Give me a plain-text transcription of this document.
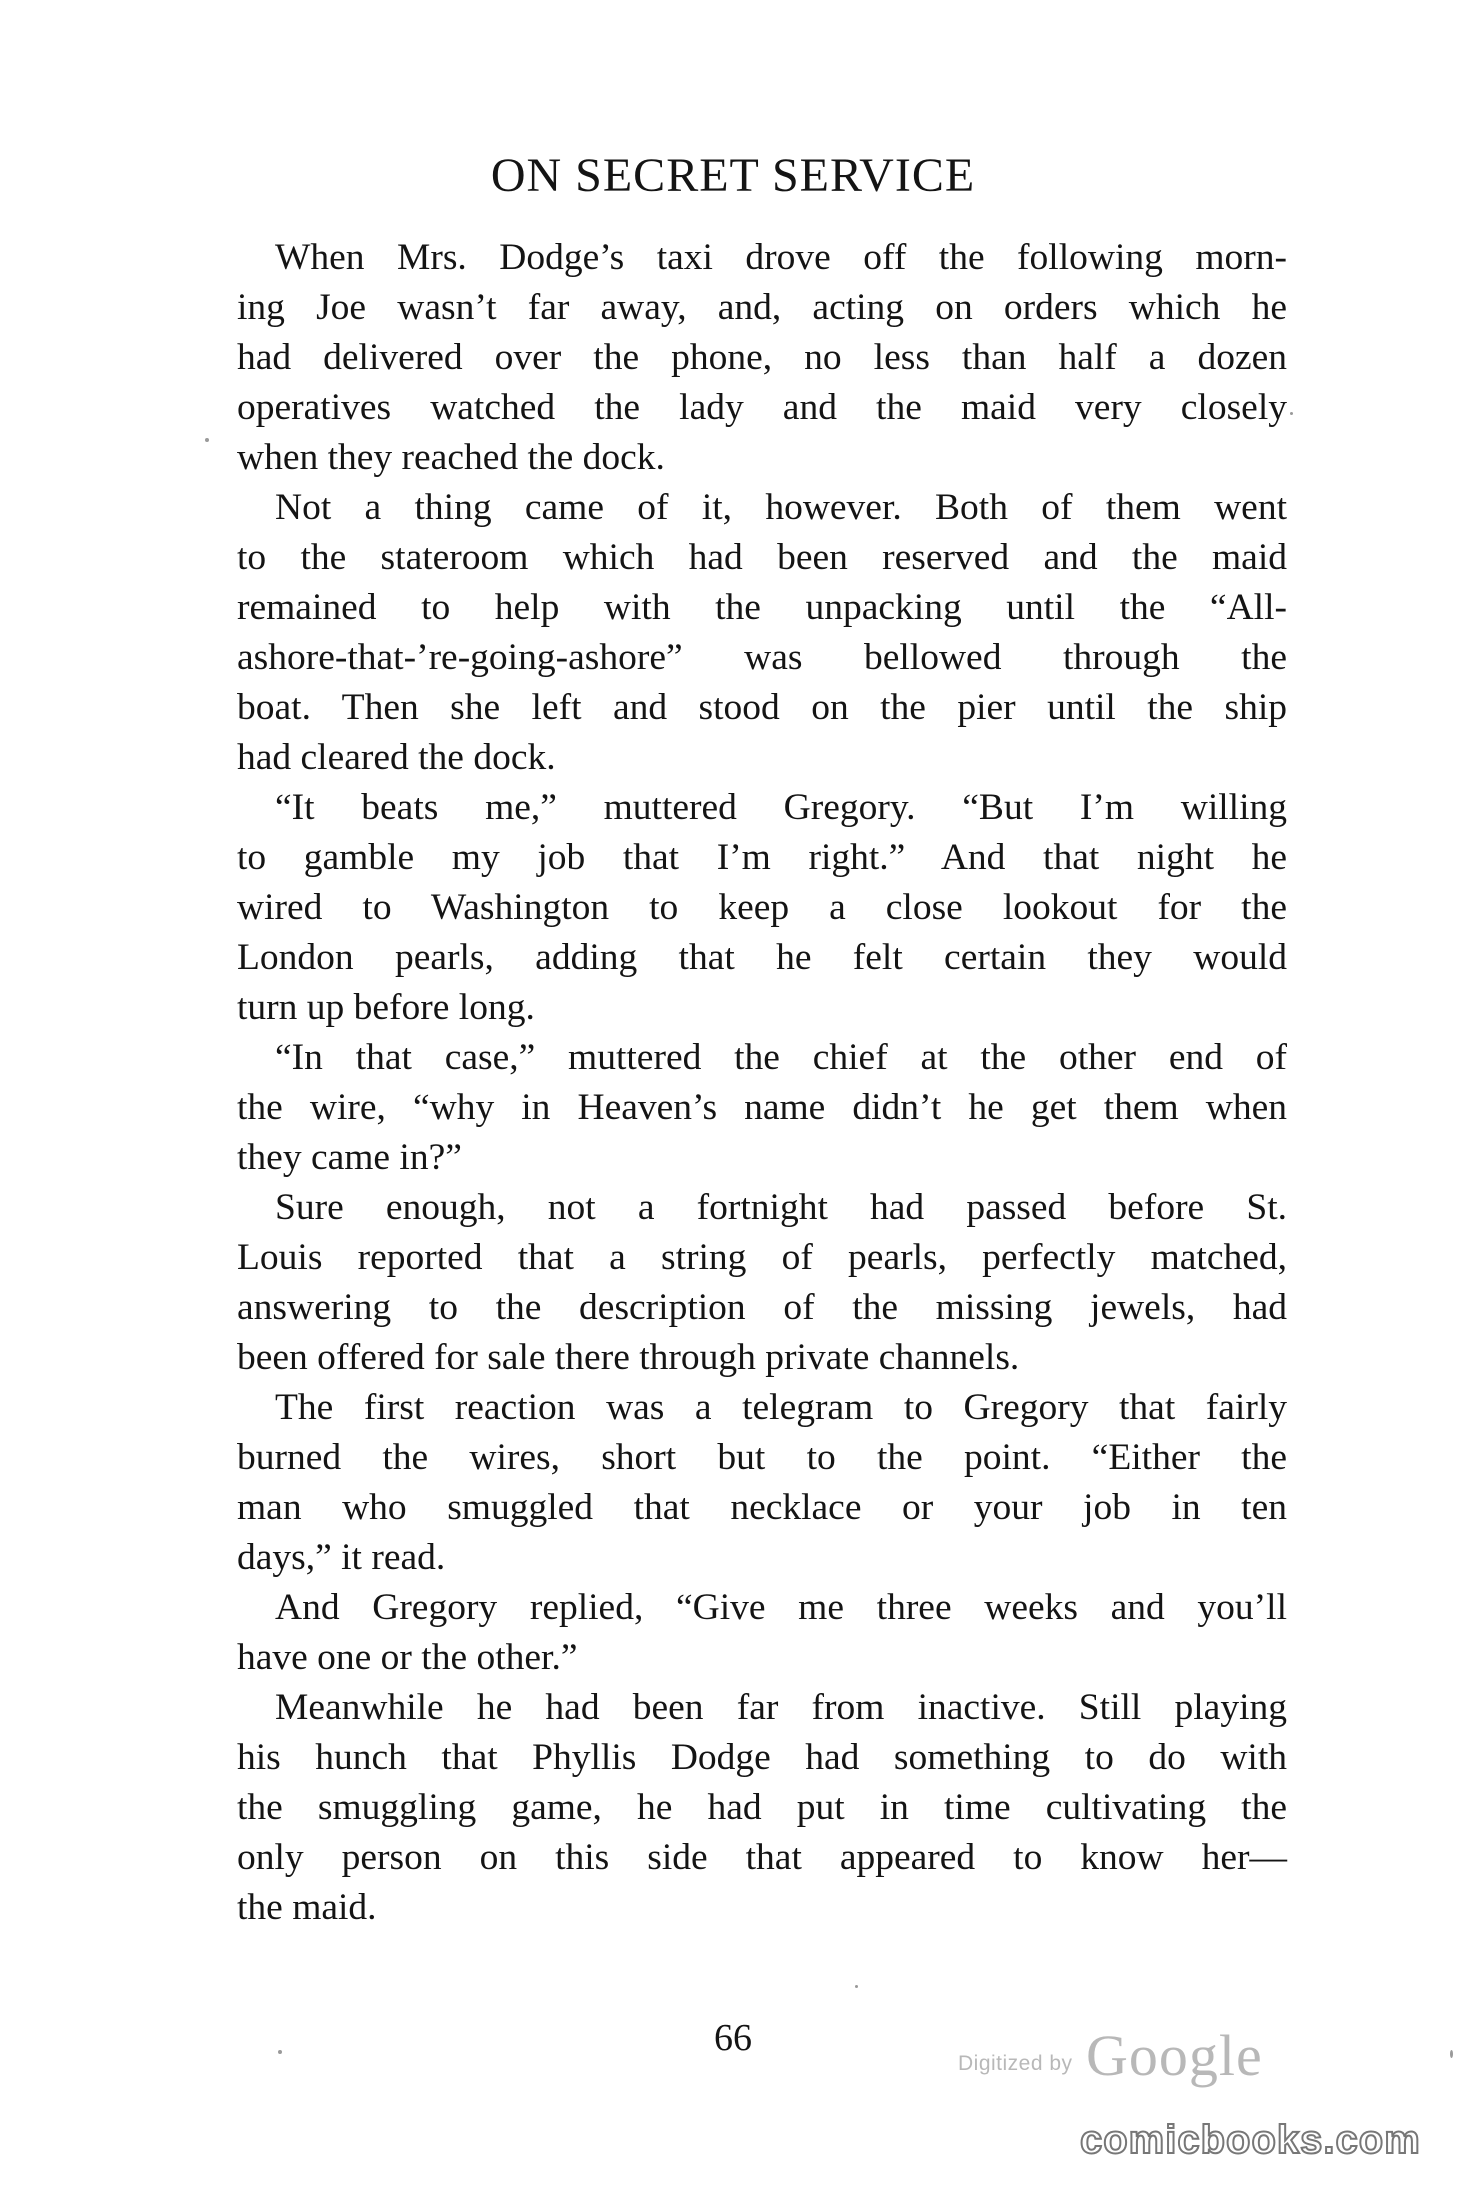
ON SECRET SERVICE
When Mrs. Dodge’s taxi drove off the following morn-
ing Joe wasn’t far away, and, acting on orders which he
had delivered over the phone, no less than half a dozen
operatives watched the lady and the maid very closely
when they reached the dock.
Not a thing came of it, however. Both of them went
to the stateroom which had been reserved and the maid
remained to help with the unpacking until the “All-
ashore-that-’re-going-ashore” was bellowed through the
boat. Then she left and stood on the pier until the ship
had cleared the dock.
“It beats me,” muttered Gregory. “But I’m willing
to gamble my job that I’m right.” And that night he
wired to Washington to keep a close lookout for the
London pearls, adding that he felt certain they would
turn up before long.
“In that case,” muttered the chief at the other end of
the wire, “why in Heaven’s name didn’t he get them when
they came in?”
Sure enough, not a fortnight had passed before St.
Louis reported that a string of pearls, perfectly matched,
answering to the description of the missing jewels, had
been offered for sale there through private channels.
The first reaction was a telegram to Gregory that fairly
burned the wires, short but to the point. “Either the
man who smuggled that necklace or your job in ten
days,” it read.
And Gregory replied, “Give me three weeks and you’ll
have one or the other.”
Meanwhile he had been far from inactive. Still playing
his hunch that Phyllis Dodge had something to do with
the smuggling game, he had put in time cultivating the
only person on this side that appeared to know her—
the maid.
66
Digitized by Google
comicbooks.com
